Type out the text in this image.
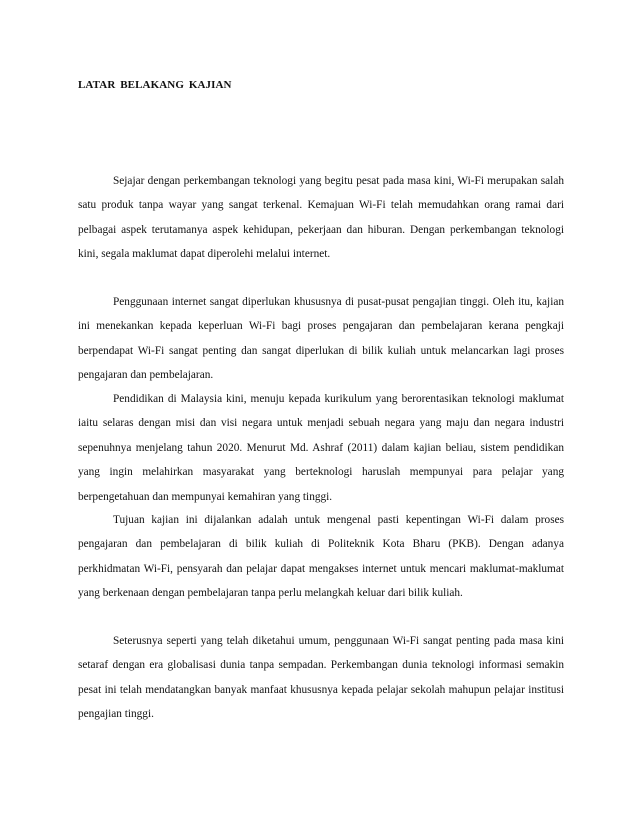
LATAR BELAKANG KAJIAN

Sejajar dengan perkembangan teknologi yang begitu pesat pada masa kini, Wi-Fi merupakan salah satu produk tanpa wayar yang sangat terkenal. Kemajuan Wi-Fi telah memudahkan orang ramai dari pelbagai aspek terutamanya aspek kehidupan, pekerjaan dan hiburan. Dengan perkembangan teknologi kini, segala maklumat dapat diperolehi melalui internet.

Penggunaan internet sangat diperlukan khususnya di pusat-pusat pengajian tinggi. Oleh itu, kajian ini menekankan kepada keperluan Wi-Fi bagi proses pengajaran dan pembelajaran kerana pengkaji berpendapat Wi-Fi sangat penting dan sangat diperlukan di bilik kuliah untuk melancarkan lagi proses pengajaran dan pembelajaran.

Pendidikan di Malaysia kini, menuju kepada kurikulum yang berorentasikan teknologi maklumat iaitu selaras dengan misi dan visi negara untuk menjadi sebuah negara yang maju dan negara industri sepenuhnya menjelang tahun 2020. Menurut Md. Ashraf (2011) dalam kajian beliau, sistem pendidikan yang ingin melahirkan masyarakat yang berteknologi haruslah mempunyai para pelajar yang berpengetahuan dan mempunyai kemahiran yang tinggi.

Tujuan kajian ini dijalankan adalah untuk mengenal pasti kepentingan Wi-Fi dalam proses pengajaran dan pembelajaran di bilik kuliah di Politeknik Kota Bharu (PKB). Dengan adanya perkhidmatan Wi-Fi, pensyarah dan pelajar dapat mengakses internet untuk mencari maklumat-maklumat yang berkenaan dengan pembelajaran tanpa perlu melangkah keluar dari bilik kuliah.

Seterusnya seperti yang telah diketahui umum, penggunaan Wi-Fi sangat penting pada masa kini setaraf dengan era globalisasi dunia tanpa sempadan. Perkembangan dunia teknologi informasi semakin pesat ini telah mendatangkan banyak manfaat khususnya kepada pelajar sekolah mahupun pelajar institusi pengajian tinggi.
